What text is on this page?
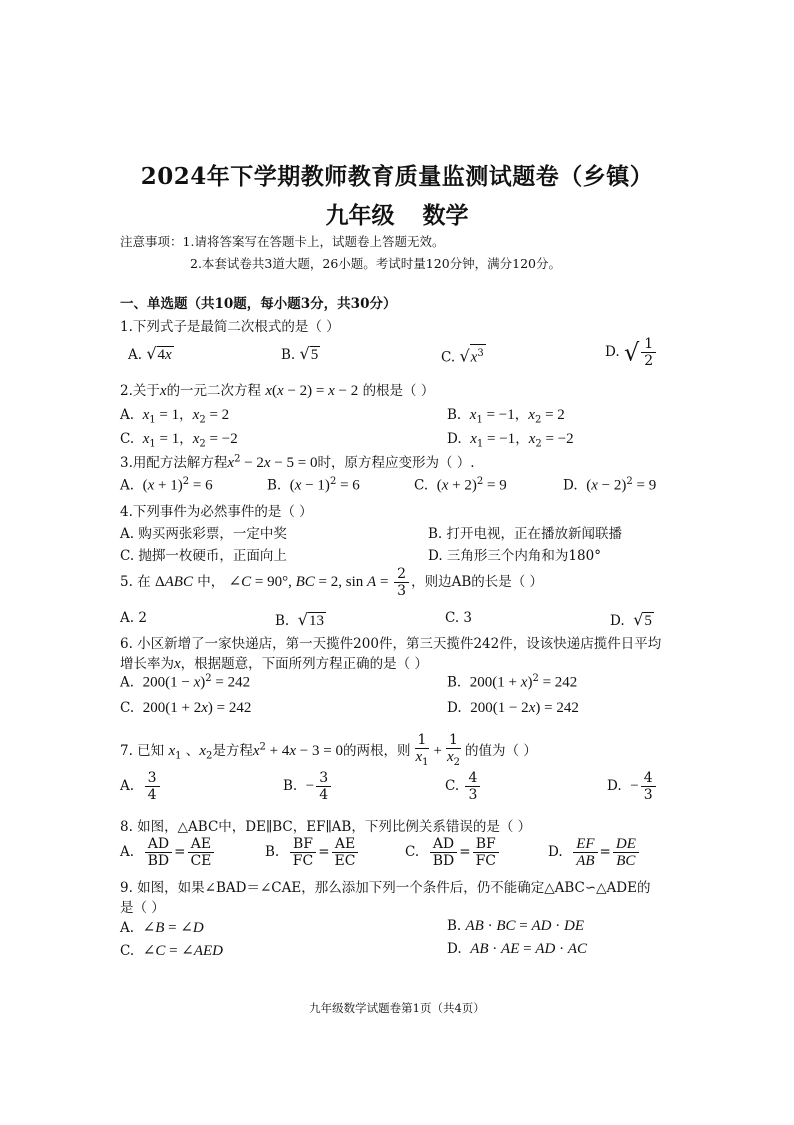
2024年下学期教师教育质量监测试题卷（乡镇）
九年级 数学
注意事项：1.请将答案写在答题卡上，试题卷上答题无效。
2.本套试卷共3道大题，26小题。考试时量120分钟，满分120分。
一、单选题（共10题，每小题3分，共30分）
1.下列式子是最简二次根式的是（ ）
A. √4x	B. √5	C. $√x^3$	D. √ $\frac{1}{2}$
2.关于x的一元二次方程 x(x − 2) = x − 2 的根是（ ）
A.  $x_1 = 1$，$x_2 = 2$	B.  $x_1 = -1$，$x_2 = 2$
C.  $x_1 = 1$，$x_2 = -2$	D.  $x_1 = -1$，$x_2 = -2$
3.用配方法解方程$x^2 - 2x - 5 = 0$时，原方程应变形为（ ）.
A.  $(x + 1)^2 = 6$	B.  $(x - 1)^2 = 6$	C.  $(x + 2)^2 = 9$	D.  $(x - 2)^2 = 9$
4.下列事件为必然事件的是（ ）
A. 购买两张彩票，一定中奖	B. 打开电视，正在播放新闻联播
C. 抛掷一枚硬币，正面向上	D. 三角形三个内角和为180°
5. 在 ΔABC 中， ∠C = 90°, BC = 2, $\sin A = \frac{2}{3}$ ，则边AB的长是（ ）
A. 2	B.  √13	C. 3	D.  √5
6. 小区新增了一家快递店，第一天揽件200件，第三天揽件242件，设该快递店揽件日平均
增长率为x，根据题意，下面所列方程正确的是（ ）
A.  $200(1 - x)^2 = 242$	B.  $200(1 + x)^2 = 242$
C.  200(1 + 2x) = 242	D.  200(1 − 2x) = 242
7. 已知 $x_1$ 、$x_2$是方程$x^2 + 4x - 3 = 0$的两根，则 $\frac{1}{x_1} + \frac{1}{x_2}$ 的值为（ ）
A. $\frac{3}{4}$	B.  − $\frac{3}{4}$	C. $\frac{4}{3}$	D.  − $\frac{4}{3}$
8. 如图，△ABC中，DE∥BC，EF∥AB，下列比例关系错误的是（ ）
A. $\frac{AD}{BD} = \frac{AE}{CE}$	B. $\frac{BF}{FC} = \frac{AE}{EC}$	C. $\frac{AD}{BD} = \frac{BF}{FC}$	D. $\frac{EF}{AB} = \frac{DE}{BC}$
9. 如图，如果∠BAD＝∠CAE，那么添加下列一个条件后，仍不能确定△ABC∽△ADE的
是（ ）
A.  ∠B = ∠D	B. AB · BC = AD · DE
C.  ∠C = ∠AED	D.  AB · AE = AD · AC
九年级数学试题卷第1页（共4页）
